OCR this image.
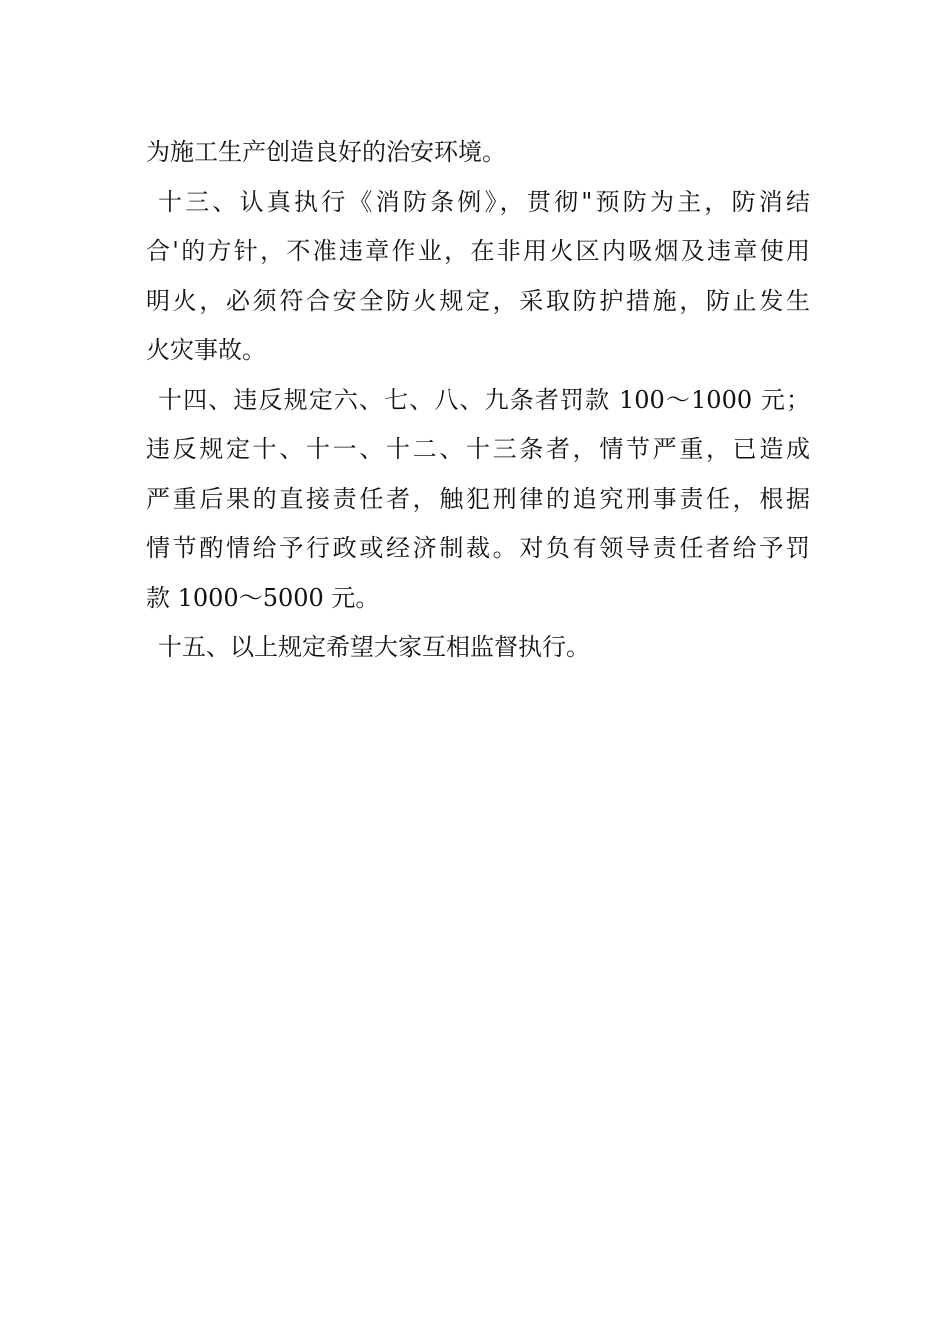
为施工生产创造良好的治安环境。
十三、认真执行《消防条例》，贯彻"预防为主，防消结
合'的方针，不准违章作业，在非用火区内吸烟及违章使用
明火，必须符合安全防火规定，采取防护措施，防止发生
火灾事故。
十四、违反规定六、七、八、九条者罚款 100～1000 元；
违反规定十、十一、十二、十三条者，情节严重，已造成
严重后果的直接责任者，触犯刑律的追究刑事责任，根据
情节酌情给予行政或经济制裁。对负有领导责任者给予罚
款 1000～5000 元。
十五、以上规定希望大家互相监督执行。
